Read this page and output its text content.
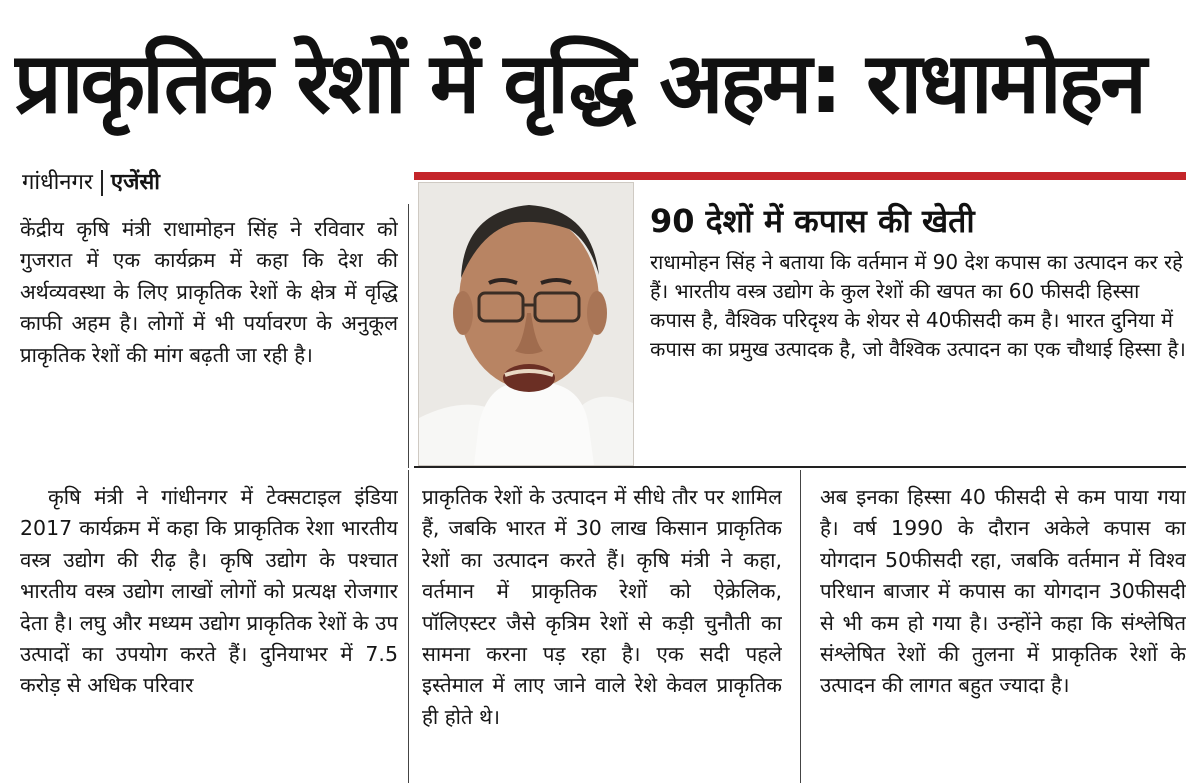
प्राकृतिक रेशों में वृद्धि अहम: राधामोहन
गांधीनगर एजेंसी
90 देशों में कपास की खेती

राधामोहन सिंह ने बताया कि वर्तमान में 90 देश कपास का उत्पादन कर रहे हैं। भारतीय वस्त्र उद्योग के कुल रेशों की खपत का 60 फीसदी हिस्सा कपास है, वैश्विक परिदृश्य के शेयर से 40फीसदी कम है। भारत दुनिया में कपास का प्रमुख उत्पादक है, जो वैश्विक उत्पादन का एक चौथाई हिस्सा है।

केंद्रीय कृषि मंत्री राधामोहन सिंह ने रविवार को गुजरात में एक कार्यक्रम में कहा कि देश की अर्थव्यवस्था के लिए प्राकृतिक रेशों के क्षेत्र में वृद्धि काफी अहम है। लोगों में भी पर्यावरण के अनुकूल प्राकृतिक रेशों की मांग बढ़ती जा रही है।

कृषि मंत्री ने गांधीनगर में टेक्सटाइल इंडिया 2017 कार्यक्रम में कहा कि प्राकृतिक रेशा भारतीय वस्त्र उद्योग की रीढ़ है। कृषि उद्योग के पश्चात भारतीय वस्त्र उद्योग लाखों लोगों को प्रत्यक्ष रोजगार देता है। लघु और मध्यम उद्योग प्राकृतिक रेशों के उप उत्पादों का उपयोग करते हैं। दुनियाभर में 7.5 करोड़ से अधिक परिवार

प्राकृतिक रेशों के उत्पादन में सीधे तौर पर शामिल हैं, जबकि भारत में 30 लाख किसान प्राकृतिक रेशों का उत्पादन करते हैं। कृषि मंत्री ने कहा, वर्तमान में प्राकृतिक रेशों को ऐक्रेलिक, पॉलिएस्टर जैसे कृत्रिम रेशों से कड़ी चुनौती का सामना करना पड़ रहा है। एक सदी पहले इस्तेमाल में लाए जाने वाले रेशे केवल प्राकृतिक ही होते थे।

अब इनका हिस्सा 40 फीसदी से कम पाया गया है। वर्ष 1990 के दौरान अकेले कपास का योगदान 50फीसदी रहा, जबकि वर्तमान में विश्व परिधान बाजार में कपास का योगदान 30फीसदी से भी कम हो गया है। उन्होंने कहा कि संश्लेषित संश्लेषित रेशों की तुलना में प्राकृतिक रेशों के उत्पादन की लागत बहुत ज्यादा है।
